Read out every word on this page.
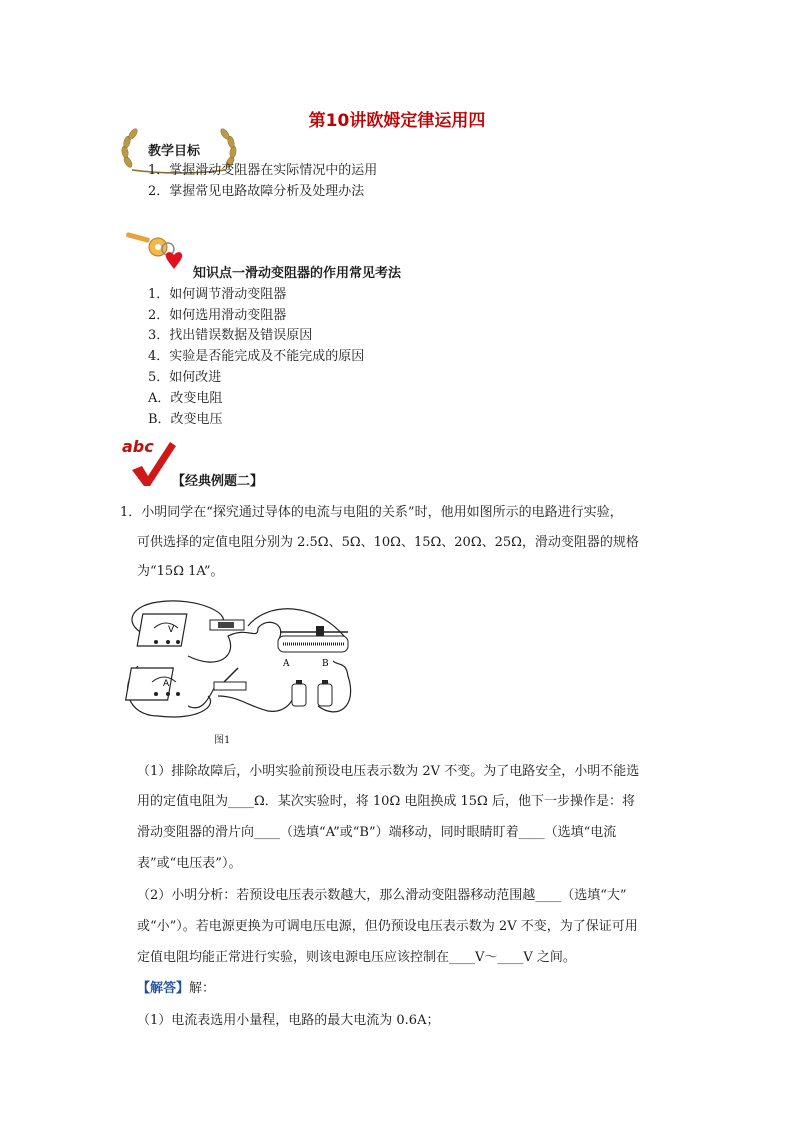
第10讲欧姆定律运用四
教学目标
1．掌握滑动变阻器在实际情况中的运用
2．掌握常见电路故障分析及处理办法
知识点一滑动变阻器的作用常见考法
1．如何调节滑动变阻器
2．如何选用滑动变阻器
3．找出错误数据及错误原因
4．实验是否能完成及不能完成的原因
5．如何改进
A．改变电阻
B．改变电压
abc
【经典例题二】
1．小明同学在“探究通过导体的电流与电阻的关系”时，他用如图所示的电路进行实验，
可供选择的定值电阻分别为 2.5Ω、5Ω、10Ω、15Ω、20Ω、25Ω，滑动变阻器的规格
为“15Ω 1A”。
V
A
A	B
图1
（1）排除故障后，小明实验前预设电压表示数为 2V 不变。为了电路安全，小明不能选
用的定值电阻为____Ω．某次实验时，将 10Ω 电阻换成 15Ω 后，他下一步操作是：将
滑动变阻器的滑片向____（选填“A”或“B”）端移动，同时眼睛盯着____（选填“电流
表”或“电压表”）。
（2）小明分析：若预设电压表示数越大，那么滑动变阻器移动范围越____（选填“大”
或“小”）。若电源更换为可调电压电源，但仍预设电压表示数为 2V 不变，为了保证可用
定值电阻均能正常进行实验，则该电源电压应该控制在____V～____V 之间。
【解答】解：
（1）电流表选用小量程，电路的最大电流为 0.6A；
